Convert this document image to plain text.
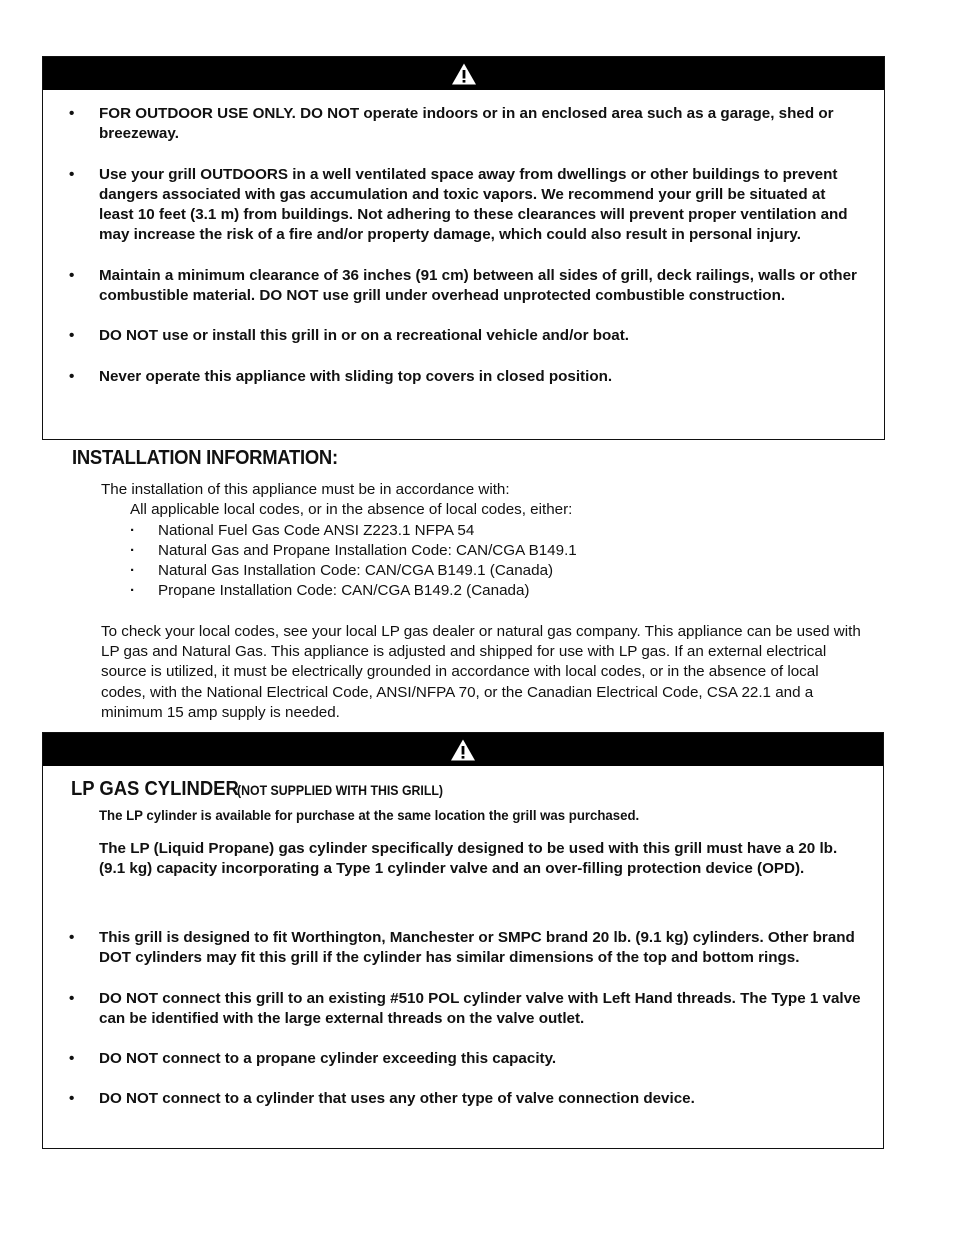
• FOR OUTDOOR USE ONLY. DO NOT operate indoors or in an enclosed area such as a garage, shed or breezeway.
• Use your grill OUTDOORS in a well ventilated space away from dwellings or other buildings to prevent dangers associated with gas accumulation and toxic vapors. We recommend your grill be situated at least 10 feet (3.1 m) from buildings. Not adhering to these clearances will prevent proper ventilation and may increase the risk of a fire and/or property damage, which could also result in personal injury.
• Maintain a minimum clearance of 36 inches (91 cm) between all sides of grill, deck railings, walls or other combustible material. DO NOT use grill under overhead unprotected combustible construction.
• DO NOT use or install this grill in or on a recreational vehicle and/or boat.
• Never operate this appliance with sliding top covers in closed position.
INSTALLATION INFORMATION:

The installation of this appliance must be in accordance with:

All applicable local codes, or in the absence of local codes, either:

· National Fuel Gas Code ANSI Z223.1 NFPA 54
· Natural Gas and Propane Installation Code: CAN/CGA B149.1
· Natural Gas Installation Code: CAN/CGA B149.1 (Canada)
· Propane Installation Code: CAN/CGA B149.2 (Canada)

To check your local codes, see your local LP gas dealer or natural gas company. This appliance can be used with LP gas and Natural Gas. This appliance is adjusted and shipped for use with LP gas. If an external electrical source is utilized, it must be electrically grounded in accordance with local codes, or in the absence of local codes, with the National Electrical Code, ANSI/NFPA 70, or the Canadian Electrical Code, CSA 22.1 and a minimum 15 amp supply is needed.

• This grill is designed to fit Worthington, Manchester or SMPC brand 20 lb. (9.1 kg) cylinders. Other brand DOT cylinders may fit this grill if the cylinder has similar dimensions of the top and bottom rings.
• DO NOT connect this grill to an existing #510 POL cylinder valve with Left Hand threads. The Type 1 valve can be identified with the large external threads on the valve outlet.
• DO NOT connect to a propane cylinder exceeding this capacity.
• DO NOT connect to a cylinder that uses any other type of valve connection device.
LP GAS CYLINDER
(NOT SUPPLIED WITH THIS GRILL)
The LP cylinder is available for purchase at the same location the grill was purchased.
The LP (Liquid Propane) gas cylinder specifically designed to be used with this grill must have a 20 lb. (9.1 kg) capacity incorporating a Type 1 cylinder valve and an over-filling protection device (OPD).
